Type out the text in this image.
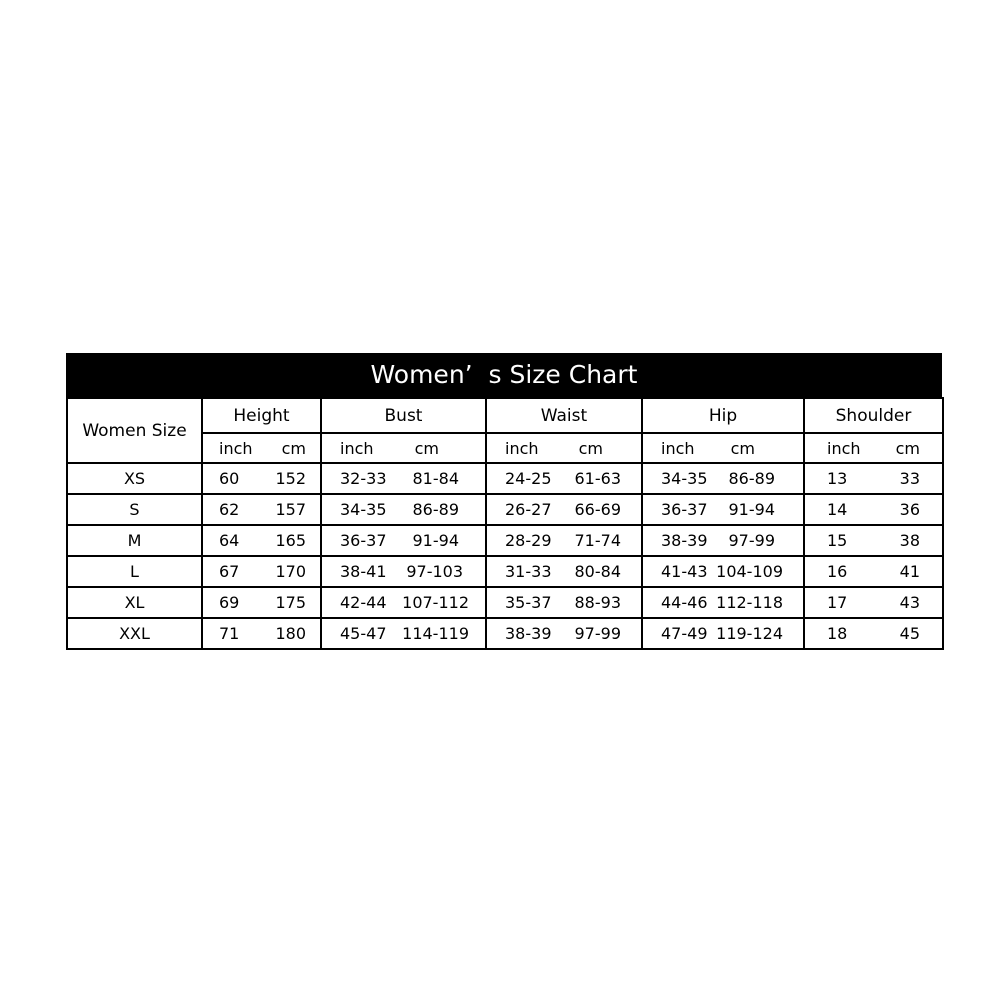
Women’  s Size Chart
Women Size	Height	Bust	Waist	Hip	Shoulder

	inch cm	inch cm	inch cm	inch cm	inch cm

XS	60 152	32-33 81-84	24-25 61-63	34-35 86-89	13 33

S	62 157	34-35 86-89	26-27 66-69	36-37 91-94	14 36

M	64 165	36-37 91-94	28-29 71-74	38-39 97-99	15 38

L	67 170	38-41 97-103	31-33 80-84	41-43 104-109	16 41

XL	69 175	42-44 107-112	35-37 88-93	44-46 112-118	17 43

XXL	71 180	45-47 114-119	38-39 97-99	47-49 119-124	18 45
